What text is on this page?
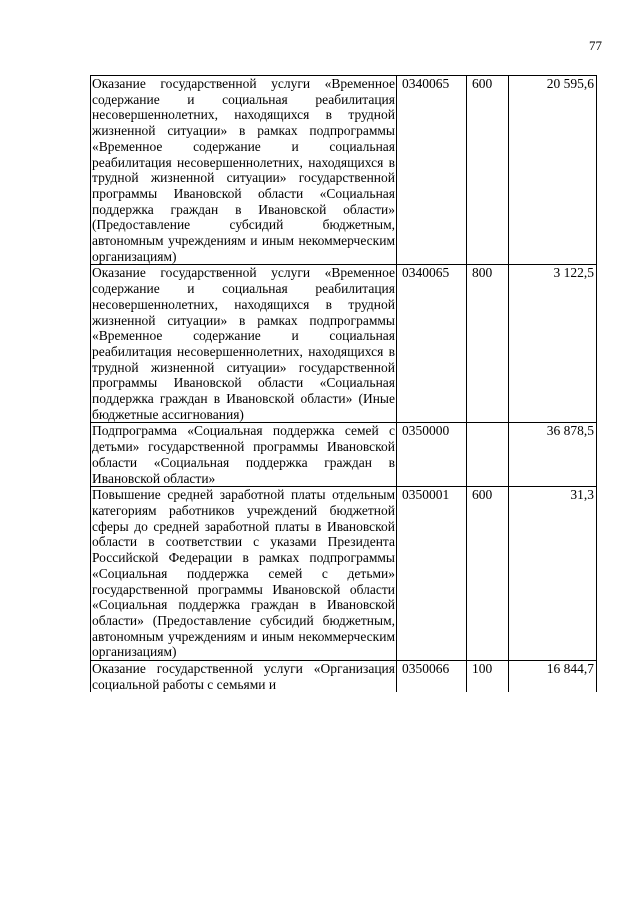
77
Оказание государственной услуги «Временное содержание и социальная реабилитация несовершеннолетних, находящихся в трудной жизненной ситуации» в рамках подпрограммы «Временное содержание и социальная реабилитация несовершеннолетних, находящихся в трудной жизненной ситуации» государственной программы Ивановской области «Социальная поддержка граждан в Ивановской области» (Предоставление субсидий бюджетным, автономным учреждениям и иным некоммерческим организациям)	0340065	600	20 595,6
Оказание государственной услуги «Временное содержание и социальная реабилитация несовершеннолетних, находящихся в трудной жизненной ситуации» в рамках подпрограммы «Временное содержание и социальная реабилитация несовершеннолетних, находящихся в трудной жизненной ситуации» государственной программы Ивановской области «Социальная поддержка граждан в Ивановской области» (Иные бюджетные ассигнования)	0340065	800	3 122,5
Подпрограмма «Социальная поддержка семей с детьми» государственной программы Ивановской области «Социальная поддержка граждан в Ивановской области»	0350000		36 878,5
Повышение средней заработной платы отдельным категориям работников учреждений бюджетной сферы до средней заработной платы в Ивановской области в соответствии с указами Президента Российской Федерации в рамках подпрограммы «Социальная поддержка семей с детьми» государственной программы Ивановской области «Социальная поддержка граждан в Ивановской области» (Предоставление субсидий бюджетным, автономным учреждениям и иным некоммерческим организациям)	0350001	600	31,3
Оказание государственной услуги «Организация социальной работы с семьями и	0350066	100	16 844,7
